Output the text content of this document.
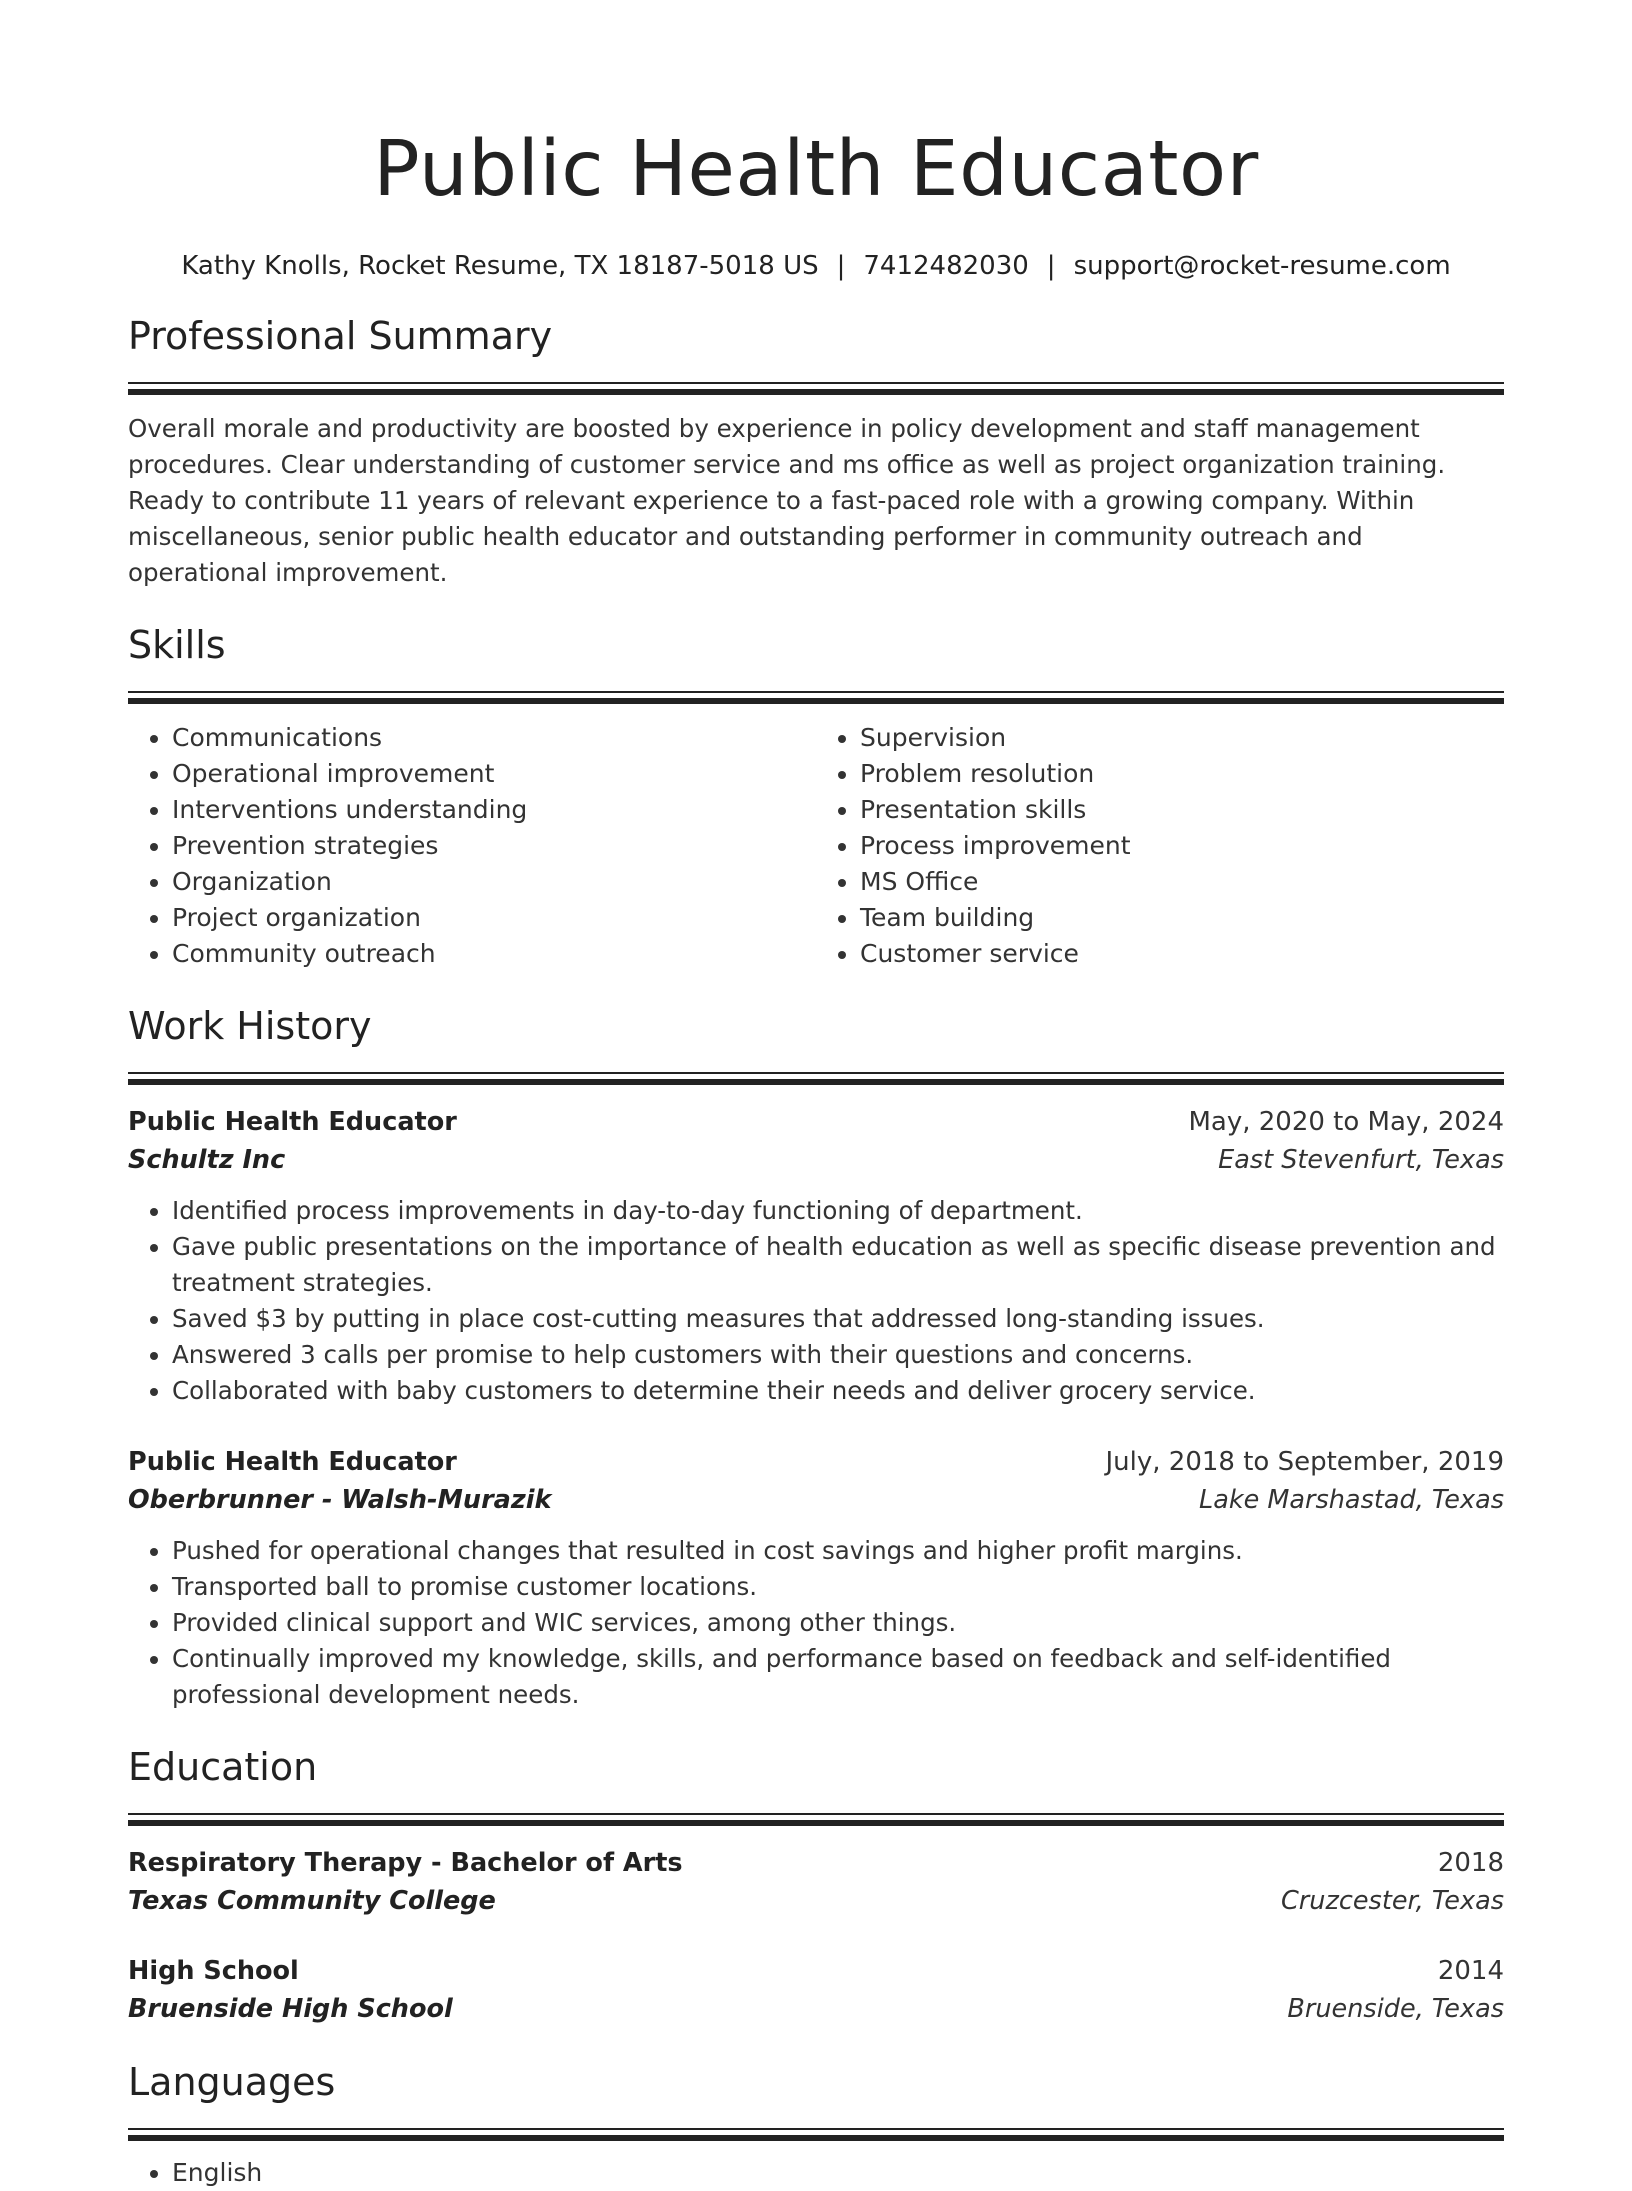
Public Health Educator
Kathy Knolls, Rocket Resume, TX 18187-5018 US | 7412482030 | support@rocket-resume.com
Professional Summary
Overall morale and productivity are boosted by experience in policy development and staff management procedures. Clear understanding of customer service and ms office as well as project organization training. Ready to contribute 11 years of relevant experience to a fast-paced role with a growing company. Within miscellaneous, senior public health educator and outstanding performer in community outreach and operational improvement.
Skills
• Communications
• Operational improvement
• Interventions understanding
• Prevention strategies
• Organization
• Project organization
• Community outreach
• Supervision
• Problem resolution
• Presentation skills
• Process improvement
• MS Office
• Team building
• Customer service
Work History
Public Health Educator	May, 2020 to May, 2024
Schultz Inc	East Stevenfurt, Texas
• Identified process improvements in day-to-day functioning of department.
• Gave public presentations on the importance of health education as well as specific disease prevention and treatment strategies.
• Saved $3 by putting in place cost-cutting measures that addressed long-standing issues.
• Answered 3 calls per promise to help customers with their questions and concerns.
• Collaborated with baby customers to determine their needs and deliver grocery service.
Public Health Educator	July, 2018 to September, 2019
Oberbrunner - Walsh-Murazik	Lake Marshastad, Texas
• Pushed for operational changes that resulted in cost savings and higher profit margins.
• Transported ball to promise customer locations.
• Provided clinical support and WIC services, among other things.
• Continually improved my knowledge, skills, and performance based on feedback and self-identified professional development needs.
Education
Respiratory Therapy - Bachelor of Arts	2018
Texas Community College	Cruzcester, Texas
High School	2014
Bruenside High School	Bruenside, Texas
Languages
• English
